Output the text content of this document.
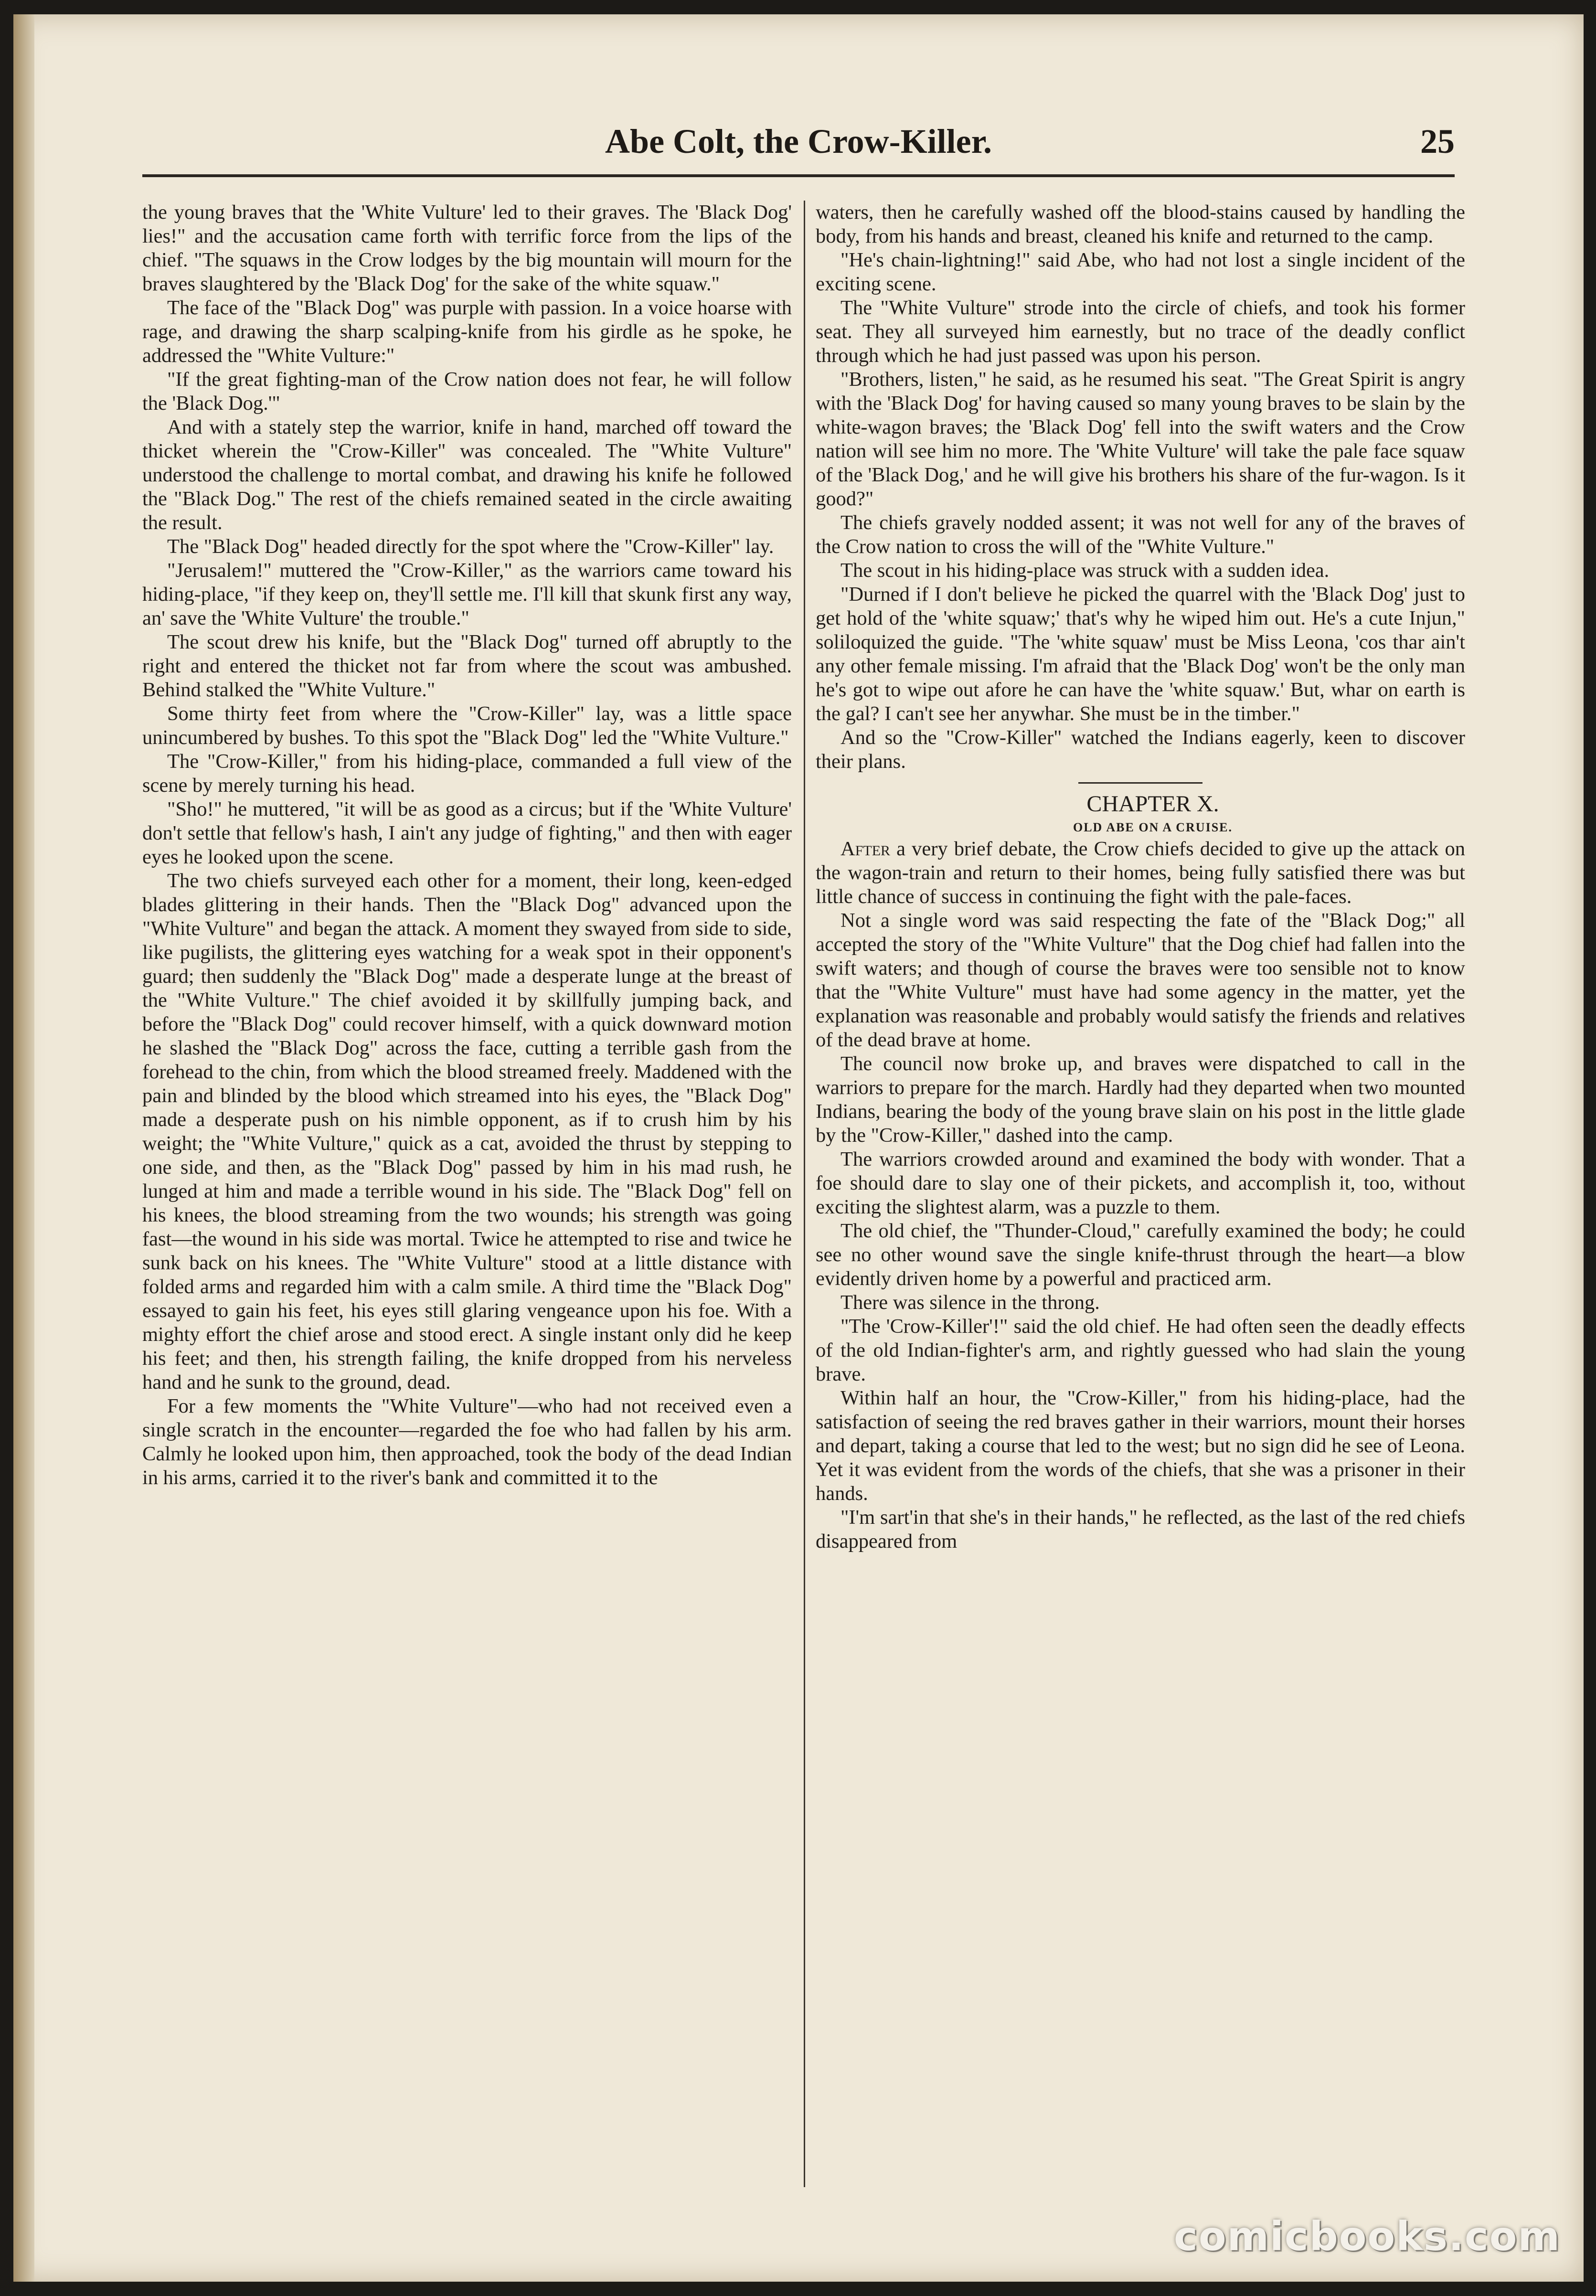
Abe Colt, the Crow-Killer.	25

the young braves that the 'White Vulture' led to their graves. The 'Black Dog' lies!" and the accusation came forth with terrific force from the lips of the chief. "The squaws in the Crow lodges by the big mountain will mourn for the braves slaughtered by the 'Black Dog' for the sake of the white squaw."

The face of the "Black Dog" was purple with passion. In a voice hoarse with rage, and drawing the sharp scalping-knife from his girdle as he spoke, he addressed the "White Vulture:"

"If the great fighting-man of the Crow nation does not fear, he will follow the 'Black Dog.'"

And with a stately step the warrior, knife in hand, marched off toward the thicket wherein the "Crow-Killer" was concealed. The "White Vulture" understood the challenge to mortal combat, and drawing his knife he followed the "Black Dog." The rest of the chiefs remained seated in the circle awaiting the result.

The "Black Dog" headed directly for the spot where the "Crow-Killer" lay.

"Jerusalem!" muttered the "Crow-Killer," as the warriors came toward his hiding-place, "if they keep on, they'll settle me. I'll kill that skunk first any way, an' save the 'White Vulture' the trouble."

The scout drew his knife, but the "Black Dog" turned off abruptly to the right and entered the thicket not far from where the scout was ambushed. Behind stalked the "White Vulture."

Some thirty feet from where the "Crow-Killer" lay, was a little space unincumbered by bushes. To this spot the "Black Dog" led the "White Vulture."

The "Crow-Killer," from his hiding-place, commanded a full view of the scene by merely turning his head.

"Sho!" he muttered, "it will be as good as a circus; but if the 'White Vulture' don't settle that fellow's hash, I ain't any judge of fighting," and then with eager eyes he looked upon the scene.

The two chiefs surveyed each other for a moment, their long, keen-edged blades glittering in their hands. Then the "Black Dog" advanced upon the "White Vulture" and began the attack. A moment they swayed from side to side, like pugilists, the glittering eyes watching for a weak spot in their opponent's guard; then suddenly the "Black Dog" made a desperate lunge at the breast of the "White Vulture." The chief avoided it by skillfully jumping back, and before the "Black Dog" could recover himself, with a quick downward motion he slashed the "Black Dog" across the face, cutting a terrible gash from the forehead to the chin, from which the blood streamed freely. Maddened with the pain and blinded by the blood which streamed into his eyes, the "Black Dog" made a desperate push on his nimble opponent, as if to crush him by his weight; the "White Vulture," quick as a cat, avoided the thrust by stepping to one side, and then, as the "Black Dog" passed by him in his mad rush, he lunged at him and made a terrible wound in his side. The "Black Dog" fell on his knees, the blood streaming from the two wounds; his strength was going fast—the wound in his side was mortal. Twice he attempted to rise and twice he sunk back on his knees. The "White Vulture" stood at a little distance with folded arms and regarded him with a calm smile. A third time the "Black Dog" essayed to gain his feet, his eyes still glaring vengeance upon his foe. With a mighty effort the chief arose and stood erect. A single instant only did he keep his feet; and then, his strength failing, the knife dropped from his nerveless hand and he sunk to the ground, dead.

For a few moments the "White Vulture"—who had not received even a single scratch in the encounter—regarded the foe who had fallen by his arm. Calmly he looked upon him, then approached, took the body of the dead Indian in his arms, carried it to the river's bank and committed it to the

waters, then he carefully washed off the blood-stains caused by handling the body, from his hands and breast, cleaned his knife and returned to the camp.

"He's chain-lightning!" said Abe, who had not lost a single incident of the exciting scene.

The "White Vulture" strode into the circle of chiefs, and took his former seat. They all surveyed him earnestly, but no trace of the deadly conflict through which he had just passed was upon his person.

"Brothers, listen," he said, as he resumed his seat. "The Great Spirit is angry with the 'Black Dog' for having caused so many young braves to be slain by the white-wagon braves; the 'Black Dog' fell into the swift waters and the Crow nation will see him no more. The 'White Vulture' will take the pale face squaw of the 'Black Dog,' and he will give his brothers his share of the fur-wagon. Is it good?"

The chiefs gravely nodded assent; it was not well for any of the braves of the Crow nation to cross the will of the "White Vulture."

The scout in his hiding-place was struck with a sudden idea.

"Durned if I don't believe he picked the quarrel with the 'Black Dog' just to get hold of the 'white squaw;' that's why he wiped him out. He's a cute Injun," soliloquized the guide. "The 'white squaw' must be Miss Leona, 'cos thar ain't any other female missing. I'm afraid that the 'Black Dog' won't be the only man he's got to wipe out afore he can have the 'white squaw.' But, whar on earth is the gal? I can't see her anywhar. She must be in the timber."

And so the "Crow-Killer" watched the Indians eagerly, keen to discover their plans.

CHAPTER X.

OLD ABE ON A CRUISE.

After a very brief debate, the Crow chiefs decided to give up the attack on the wagon-train and return to their homes, being fully satisfied there was but little chance of success in continuing the fight with the pale-faces.

Not a single word was said respecting the fate of the "Black Dog;" all accepted the story of the "White Vulture" that the Dog chief had fallen into the swift waters; and though of course the braves were too sensible not to know that the "White Vulture" must have had some agency in the matter, yet the explanation was reasonable and probably would satisfy the friends and relatives of the dead brave at home.

The council now broke up, and braves were dispatched to call in the warriors to prepare for the march. Hardly had they departed when two mounted Indians, bearing the body of the young brave slain on his post in the little glade by the "Crow-Killer," dashed into the camp.

The warriors crowded around and examined the body with wonder. That a foe should dare to slay one of their pickets, and accomplish it, too, without exciting the slightest alarm, was a puzzle to them.

The old chief, the "Thunder-Cloud," carefully examined the body; he could see no other wound save the single knife-thrust through the heart—a blow evidently driven home by a powerful and practiced arm.

There was silence in the throng.

"The 'Crow-Killer'!" said the old chief. He had often seen the deadly effects of the old Indian-fighter's arm, and rightly guessed who had slain the young brave.

Within half an hour, the "Crow-Killer," from his hiding-place, had the satisfaction of seeing the red braves gather in their warriors, mount their horses and depart, taking a course that led to the west; but no sign did he see of Leona. Yet it was evident from the words of the chiefs, that she was a prisoner in their hands.

"I'm sart'in that she's in their hands," he reflected, as the last of the red chiefs disappeared from

comicbooks.com
